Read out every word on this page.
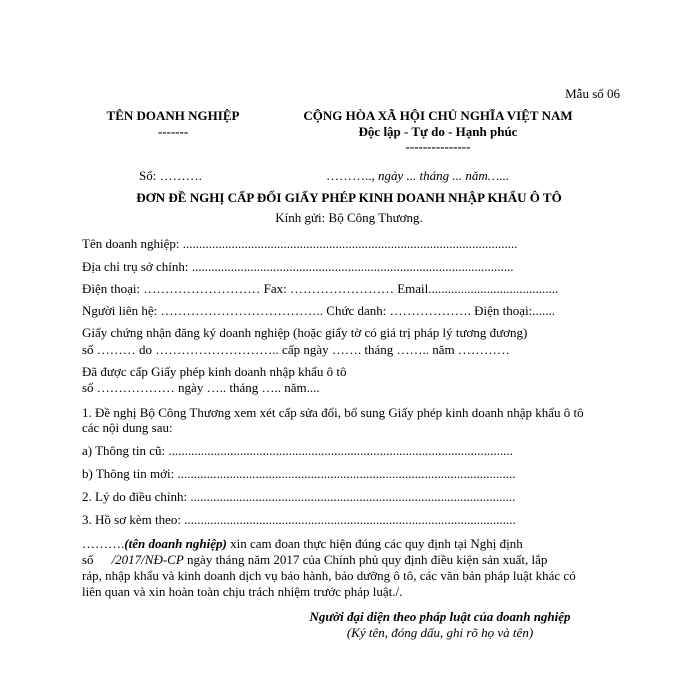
Mẫu số 06
TÊN DOANH NGHIỆP
-------
CỘNG HÒA XÃ HỘI CHỦ NGHĨA VIỆT NAM
Độc lập - Tự do - Hạnh phúc
---------------
Số: ……….	……….., ngày ... tháng ... năm…...
ĐƠN ĐỀ NGHỊ CẤP ĐỔI GIẤY PHÉP KINH DOANH NHẬP KHẨU Ô TÔ
Kính gửi: Bộ Công Thương.
Tên doanh nghiệp: .......................................................................................................
Địa chỉ trụ sở chính: ...................................................................................................
Điện thoại: ……………………… Fax: …………………… Email........................................
Người liên hệ: ……………………………….. Chức danh: ………………. Điện thoại:.......
Giấy chứng nhận đăng ký doanh nghiệp (hoặc giấy tờ có giá trị pháp lý tương đương)
số ……… do ……………………….. cấp ngày ……. tháng …….. năm …………
Đã được cấp Giấy phép kinh doanh nhập khẩu ô tô
số ……………… ngày ….. tháng ….. năm....
1. Đề nghị Bộ Công Thương xem xét cấp sửa đổi, bổ sung Giấy phép kinh doanh nhập khẩu ô tô
các nội dung sau:
a) Thông tin cũ: ..........................................................................................................
b) Thông tin mới: ........................................................................................................
2. Lý do điều chỉnh: ....................................................................................................
3. Hồ sơ kèm theo: ......................................................................................................
……….(tên doanh nghiệp) xin cam đoan thực hiện đúng các quy định tại Nghị định
số /2017/NĐ-CP ngày tháng năm 2017 của Chính phủ quy định điều kiện sản xuất, lắp
ráp, nhập khẩu và kinh doanh dịch vụ bảo hành, bảo dưỡng ô tô, các văn bản pháp luật khác có
liên quan và xin hoàn toàn chịu trách nhiệm trước pháp luật./.
Người đại diện theo pháp luật của doanh nghiệp
(Ký tên, đóng dấu, ghi rõ họ và tên)
